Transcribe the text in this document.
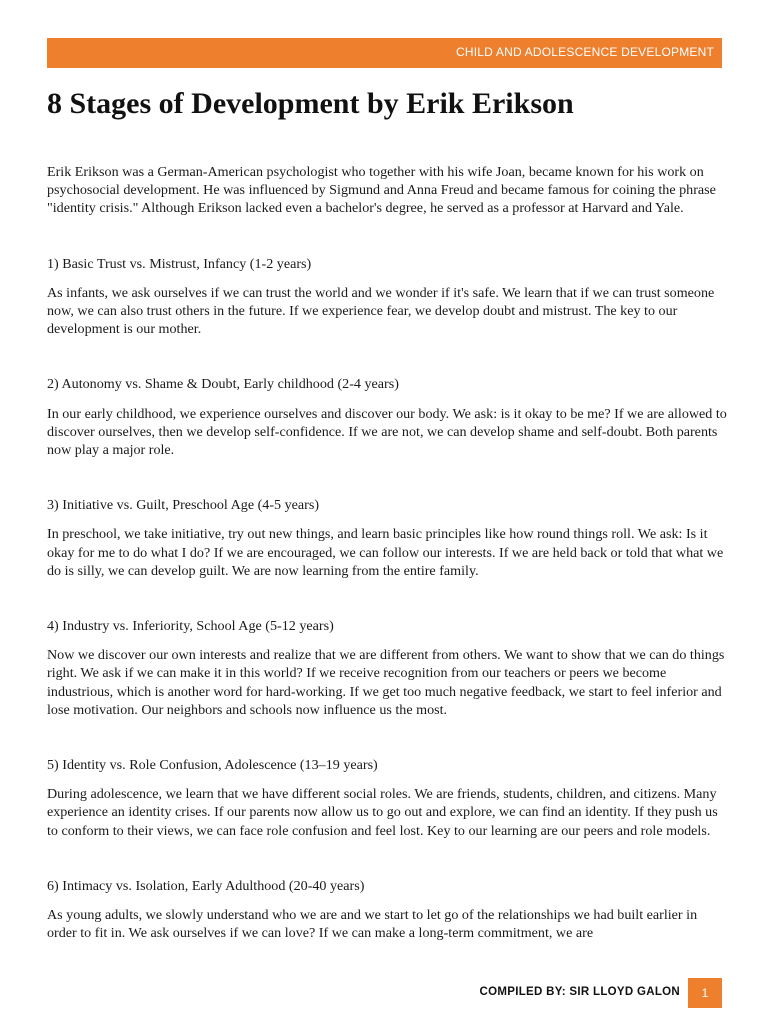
CHILD AND ADOLESCENCE DEVELOPMENT
8 Stages of Development by Erik Erikson

Erik Erikson was a German-American psychologist who together with his wife Joan, became known for his work on psychosocial development. He was influenced by Sigmund and Anna Freud and became famous for coining the phrase "identity crisis." Although Erikson lacked even a bachelor's degree, he served as a professor at Harvard and Yale.

1) Basic Trust vs. Mistrust, Infancy (1-2 years)

As infants, we ask ourselves if we can trust the world and we wonder if it's safe. We learn that if we can trust someone now, we can also trust others in the future. If we experience fear, we develop doubt and mistrust. The key to our development is our mother.

2) Autonomy vs. Shame & Doubt, Early childhood (2-4 years)

In our early childhood, we experience ourselves and discover our body. We ask: is it okay to be me? If we are allowed to discover ourselves, then we develop self-confidence. If we are not, we can develop shame and self-doubt. Both parents now play a major role.

3) Initiative vs. Guilt, Preschool Age (4-5 years)

In preschool, we take initiative, try out new things, and learn basic principles like how round things roll. We ask: Is it okay for me to do what I do? If we are encouraged, we can follow our interests. If we are held back or told that what we do is silly, we can develop guilt. We are now learning from the entire family.

4) Industry vs. Inferiority, School Age (5-12 years)

Now we discover our own interests and realize that we are different from others. We want to show that we can do things right. We ask if we can make it in this world? If we receive recognition from our teachers or peers we become industrious, which is another word for hard-working. If we get too much negative feedback, we start to feel inferior and lose motivation. Our neighbors and schools now influence us the most.

5) Identity vs. Role Confusion, Adolescence (13–19 years)

During adolescence, we learn that we have different social roles. We are friends, students, children, and citizens. Many experience an identity crises. If our parents now allow us to go out and explore, we can find an identity. If they push us to conform to their views, we can face role confusion and feel lost. Key to our learning are our peers and role models.

6) Intimacy vs. Isolation, Early Adulthood (20-40 years)

As young adults, we slowly understand who we are and we start to let go of the relationships we had built earlier in order to fit in. We ask ourselves if we can love? If we can make a long-term commitment, we are

COMPILED BY: SIR LLOYD GALON	1
